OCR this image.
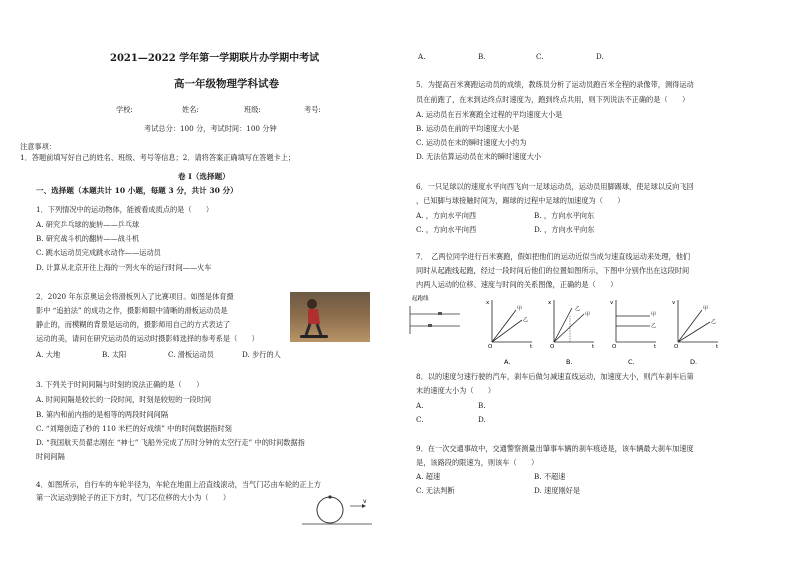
2021—2022 学年第一学期联片办学期中考试
高一年级物理学科试卷
学校:	姓名:	班级:	考号:
考试总分：100 分，考试时间：100 分钟
注意事项：
1．答题前填写好自己的姓名、班级、考号等信息；2．请将答案正确填写在答题卡上；
卷 I（选择题）
一、选择题（本题共计 10 小题，每题 3 分，共计 30 分）
1．下列情况中的运动物体，能被看成质点的是（　　）
A. 研究乒乓球的旋转——乒乓球
B. 研究战斗机的翻转——战斗机
C. 跳水运动员完成跳水动作——运动员
D. 计算从北京开往上海的一列火车的运行时间——火车
2．2020 年东京奥运会将滑板列入了比赛项目。如图是体育摄
影中 “追拍法” 的成功之作，摄影师眼中清晰的滑板运动员是
静止的，而模糊的背景是运动的，摄影师用自己的方式表达了
运动的美，请问在研究运动员的运动时摄影师选择的参考系是（　　）
A. 大地	B. 太阳	C. 滑板运动员	D. 步行的人
3. 下列关于时间间隔与时刻的说法正确的是（　　）
A. 时间间隔是较长的一段时间，时刻是较短的一段时间
B. 第内和前内指的是相等的两段时间间隔
C. “刘翔创造了秒的 110 米栏的好成绩” 中的时间数据指时刻
D. “我国航天员翟志刚在 “神七” 飞船外完成了历时分钟的太空行走” 中的时间数据指
时间间隔
4．如图所示，自行车的车轮半径为，车轮在地面上沿直线滚动，当气门芯由车轮的正上方
第一次运动到轮子的正下方时，气门芯位移的大小为（　　）	v
A.	B.	C.	D.
5．为提高百米赛跑运动员的成绩，教练员分析了运动员跑百米全程的录像带，测得运动
员在前跑了，在末到达终点时速度为，跑到终点共用，则下列说法不正确的是（　　）
A. 运动员在百米赛跑全过程的平均速度大小是
B. 运动员在前的平均速度大小是
C. 运动员在末的瞬时速度大小约为
D. 无法估算运动员在末的瞬时速度大小
6．一只足球以的速度水平向西飞向一足球运动员，运动员用脚踢球，使足球以反向飞回
，已知脚与球接触时间为，踢球的过程中足球的加速度为（　　）
A. ，方向水平向西	B. ，方向水平向东
C. ，方向水平向西	D. ，方向水平向东
7．　乙两位同学进行百米赛跑，假如把他们的运动近似当成匀速直线运动来处理，他们
同时从起跑线起跑，经过一段时间后他们的位置如图所示，下图中分别作出在这段时间
内两人运动的位移、速度与时间的关系图像，正确的是（　　）
起跑线
x
O	t
甲
乙
A.
x
O	t
乙
甲
B.
v
O	t
甲
乙
C.
v
O	t
甲
乙
D.
8．以的速度匀速行驶的汽车，刹车后做匀减速直线运动，加速度大小，则汽车刹车后第
末的速度大小为（　　）
A.	B.
C.	D.
9．在一次交通事故中，交通警察测量出肇事车辆的刹车痕迹是，该车辆最大刹车加速度
是，该路段的限速为，则该车（　　）
A. 超速	B. 不超速
C. 无法判断	D. 速度刚好是
